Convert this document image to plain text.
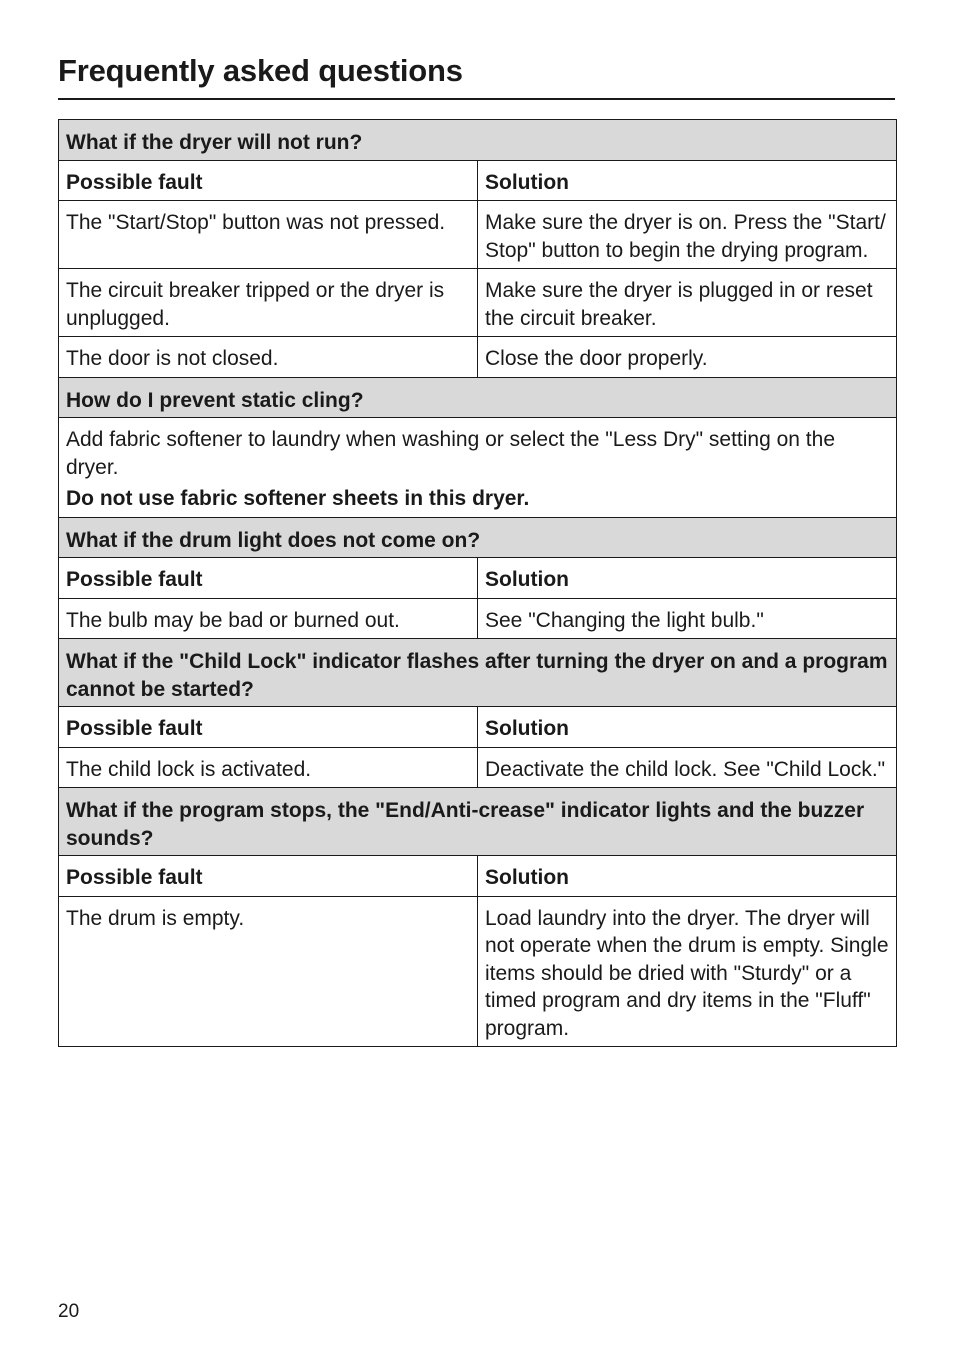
Frequently asked questions
What if the dryer will not run?	
Possible fault	Solution
The "Start/Stop" button was not pressed.	Make sure the dryer is on. Press the "Start/ Stop" button to begin the drying program.
The circuit breaker tripped or the dryer is unplugged.	Make sure the dryer is plugged in or reset the circuit breaker.
The door is not closed.	Close the door properly.
How do I prevent static cling?	
Add fabric softener to laundry when washing or select the "Less Dry" setting on the dryer.
Do not use fabric softener sheets in this dryer.	

What if the drum light does not come on?	
Possible fault	Solution
The bulb may be bad or burned out.	See "Changing the light bulb."
What if the "Child Lock" indicator flashes after turning the dryer on and a program cannot be started?	
Possible fault	Solution
The child lock is activated.	Deactivate the child lock. See "Child Lock."
What if the program stops, the "End/Anti-crease" indicator lights and the buzzer sounds?	
Possible fault	Solution
The drum is empty.	Load laundry into the dryer. The dryer will not operate when the drum is empty. Single items should be dried with "Sturdy" or a timed program and dry items in the "Fluff" program.
20
